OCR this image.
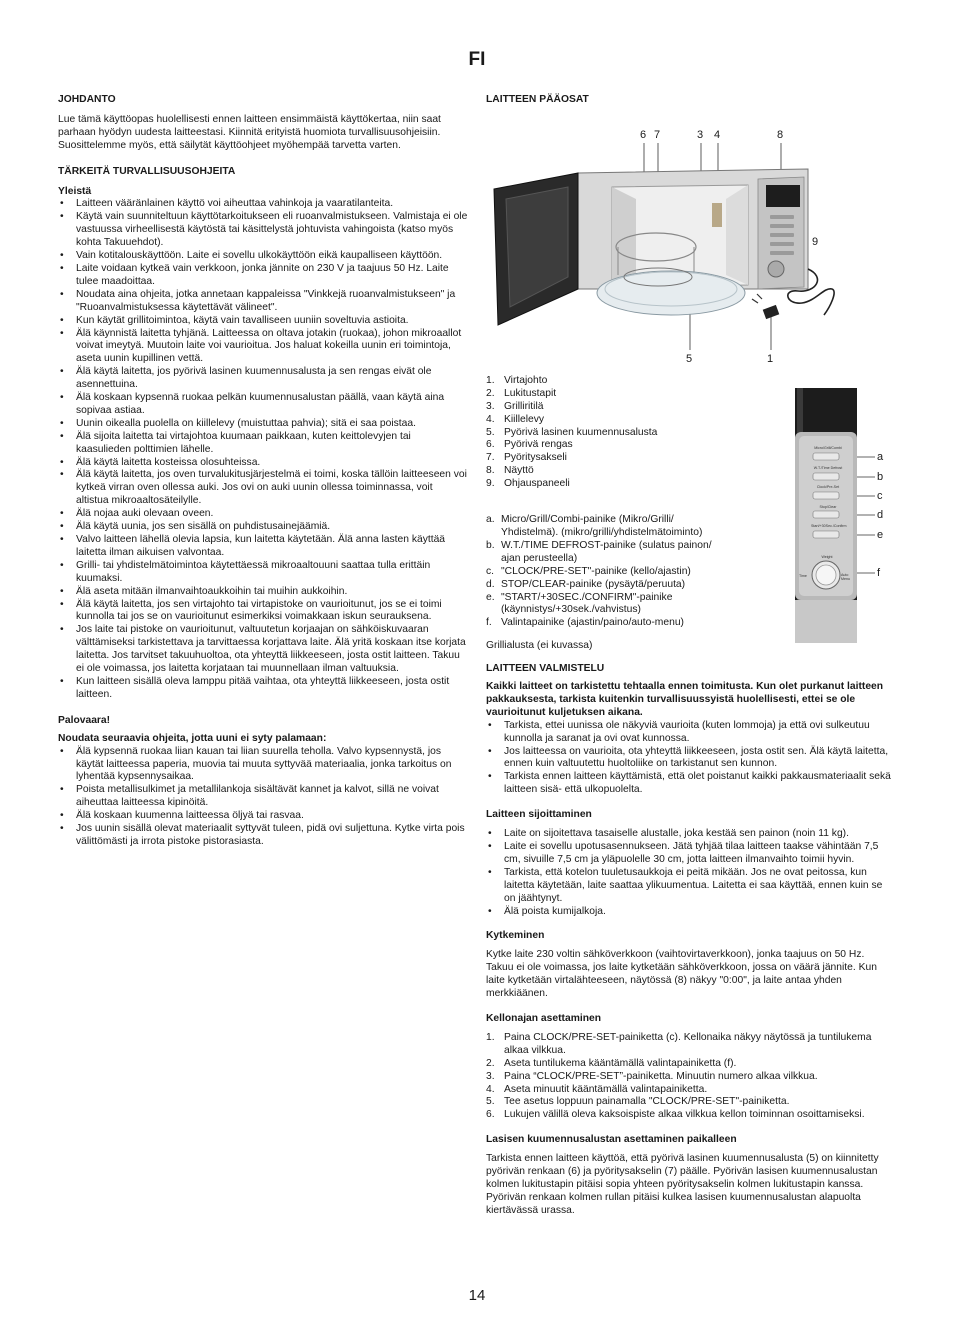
FI
JOHDANTO

Lue tämä käyttöopas huolellisesti ennen laitteen ensimmäistä käyttökertaa, niin saat parhaan hyödyn uudesta laitteestasi. Kiinnitä erityistä huomiota turvallisuusohjeisiin. Suosittelemme myös, että säilytät käyttöohjeet myöhempää tarvetta varten.

TÄRKEITÄ TURVALLISUUSOHJEITA
Yleistä
• Laitteen vääränlainen käyttö voi aiheuttaa vahinkoja ja vaaratilanteita.
• Käytä vain suunniteltuun käyttötarkoitukseen eli ruoanvalmistukseen. Valmistaja ei ole vastuussa virheellisestä käytöstä tai käsittelystä johtuvista vahingoista (katso myös kohta Takuuehdot).
• Vain kotitalouskäyttöön. Laite ei sovellu ulkokäyttöön eikä kaupalliseen käyttöön.
• Laite voidaan kytkeä vain verkkoon, jonka jännite on 230 V ja taajuus 50 Hz. Laite tulee maadoittaa.
• Noudata aina ohjeita, jotka annetaan kappaleissa "Vinkkejä ruoanvalmistukseen" ja "Ruoanvalmistuksessa käytettävät välineet".
• Kun käytät grillitoimintoa, käytä vain tavalliseen uuniin soveltuvia astioita.
• Älä käynnistä laitetta tyhjänä. Laitteessa on oltava jotakin (ruokaa), johon mikroaallot voivat imeytyä. Muutoin laite voi vaurioitua. Jos haluat kokeilla uunin eri toimintoja, aseta uunin kupillinen vettä.
• Älä käytä laitetta, jos pyörivä lasinen kuumennusalusta ja sen rengas eivät ole asennettuina.
• Älä koskaan kypsennä ruokaa pelkän kuumennusalustan päällä, vaan käytä aina sopivaa astiaa.
• Uunin oikealla puolella on kiillelevy (muistuttaa pahvia); sitä ei saa poistaa.
• Älä sijoita laitetta tai virtajohtoa kuumaan paikkaan, kuten keittolevyjen tai kaasulieden polttimien lähelle.
• Älä käytä laitetta kosteissa olosuhteissa.
• Älä käytä laitetta, jos oven turvalukitusjärjestelmä ei toimi, koska tällöin laitteeseen voi kytkeä virran oven ollessa auki. Jos ovi on auki uunin ollessa toiminnassa, voit altistua mikroaaltosäteilylle.
• Älä nojaa auki olevaan oveen.
• Älä käytä uunia, jos sen sisällä on puhdistusainejäämiä.
• Valvo laitteen lähellä olevia lapsia, kun laitetta käytetään. Älä anna lasten käyttää laitetta ilman aikuisen valvontaa.
• Grilli- tai yhdistelmätoimintoa käytettäessä mikroaaltouuni saattaa tulla erittäin kuumaksi.
• Älä aseta mitään ilmanvaihtoaukkoihin tai muihin aukkoihin.
• Älä käytä laitetta, jos sen virtajohto tai virtapistoke on vaurioitunut, jos se ei toimi kunnolla tai jos se on vaurioitunut esimerkiksi voimakkaan iskun seurauksena.
• Jos laite tai pistoke on vaurioitunut, valtuutetun korjaajan on sähköiskuvaaran välttämiseksi tarkistettava ja tarvittaessa korjattava laite. Älä yritä koskaan itse korjata laitetta. Jos tarvitset takuuhuoltoa, ota yhteyttä liikkeeseen, josta ostit laitteen. Takuu ei ole voimassa, jos laitetta korjataan tai muunnellaan ilman valtuuksia.
• Kun laitteen sisällä oleva lamppu pitää vaihtaa, ota yhteyttä liikkeeseen, josta ostit laitteen.
Palovaara!

Noudata seuraavia ohjeita, jotta uuni ei syty palamaan:

• Älä kypsennä ruokaa liian kauan tai liian suurella teholla. Valvo kypsennystä, jos käytät laitteessa paperia, muovia tai muuta syttyvää materiaalia, jonka tarkoitus on lyhentää kypsennysaikaa.
• Poista metallisulkimet ja metallilankoja sisältävät kannet ja kalvot, sillä ne voivat aiheuttaa laitteessa kipinöitä.
• Älä koskaan kuumenna laitteessa öljyä tai rasvaa.
• Jos uunin sisällä olevat materiaalit syttyvät tuleen, pidä ovi suljettuna. Kytke virta pois välittömästi ja irrota pistoke pistorasiasta.
LAITTEEN PÄÄOSAT
6 7	3 4	8
9
5	1
1. Virtajohto
2. Lukitustapit
3. Grilliritilä
4. Kiillelevy
5. Pyörivä lasinen kuumennusalusta
6. Pyörivä rengas
7. Pyöritysakseli
8. Näyttö
9. Ohjauspaneeli
a. Micro/Grill/Combi-painike (Mikro/Grilli/ Yhdistelmä). (mikro/grilli/yhdistelmätoiminto)
b. W.T./TIME DEFROST-painike (sulatus painon/ ajan perusteella)
c. "CLOCK/PRE-SET"-painike (kello/ajastin)
d. STOP/CLEAR-painike (pysäytä/peruuta)
e. "START/+30SEC./CONFIRM"-painike (käynnistys/+30sek./vahvistus)
f. Valintapainike (ajastin/paino/auto-menu)

Grillialusta (ei kuvassa)

LAITTEEN VALMISTELU

Kaikki laitteet on tarkistettu tehtaalla ennen toimitusta. Kun olet purkanut laitteen pakkauksesta, tarkista kuitenkin turvallisuussyistä huolellisesti, ettei se ole vaurioitunut kuljetuksen aikana.

• Tarkista, ettei uunissa ole näkyviä vaurioita (kuten lommoja) ja että ovi sulkeutuu kunnolla ja saranat ja ovi ovat kunnossa.
• Jos laitteessa on vaurioita, ota yhteyttä liikkeeseen, josta ostit sen. Älä käytä laitetta, ennen kuin valtuutettu huoltoliike on tarkistanut sen kunnon.
• Tarkista ennen laitteen käyttämistä, että olet poistanut kaikki pakkausmateriaalit sekä laitteen sisä- että ulkopuolelta.
Laitteen sijoittaminen
• Laite on sijoitettava tasaiselle alustalle, joka kestää sen painon (noin 11 kg).
• Laite ei sovellu upotusasennukseen. Jätä tyhjää tilaa laitteen taakse vähintään 7,5 cm, sivuille 7,5 cm ja yläpuolelle 30 cm, jotta laitteen ilmanvaihto toimii hyvin.
• Tarkista, että kotelon tuuletusaukkoja ei peitä mikään. Jos ne ovat peitossa, kun laitetta käytetään, laite saattaa ylikuumentua. Laitetta ei saa käyttää, ennen kuin se on jäähtynyt.
• Älä poista kumijalkoja.
Kytkeminen

Kytke laite 230 voltin sähköverkkoon (vaihtovirtaverkkoon), jonka taajuus on 50 Hz. Takuu ei ole voimassa, jos laite kytketään sähköverkkoon, jossa on väärä jännite. Kun laite kytketään virtalähteeseen, näytössä (8) näkyy "0:00", ja laite antaa yhden merkkiäänen.

Kellonajan asettaminen
1. Paina CLOCK/PRE-SET-painiketta (c). Kellonaika näkyy näytössä ja tuntilukema alkaa vilkkua.
2. Aseta tuntilukema kääntämällä valintapainiketta (f).
3. Paina “CLOCK/PRE-SET”-painiketta. Minuutin numero alkaa vilkkua.
4. Aseta minuutit kääntämällä valintapainiketta.
5. Tee asetus loppuun painamalla "CLOCK/PRE-SET"-painiketta.
6. Lukujen välillä oleva kaksoispiste alkaa vilkkua kellon toiminnan osoittamiseksi.
Lasisen kuumennusalustan asettaminen paikalleen

Tarkista ennen laitteen käyttöä, että pyörivä lasinen kuumennusalusta (5) on kiinnitetty pyörivän renkaan (6) ja pyöritysakselin (7) päälle. Pyörivän lasisen kuumennusalustan kolmen lukitustapin pitäisi sopia yhteen pyöritysakselin kolmen lukitustapin kanssa. Pyörivän renkaan kolmen rullan pitäisi kulkea lasisen kuumennusalustan alapuolta kiertävässä urassa.

Micro/Grill/Combi
W.T./Time Defrost
Clock/Pre-Set
Stop/Clear
Start/+30Sec./Confirm
Weight
Time	Auto Menu
a
b
c
d
e
f
14
